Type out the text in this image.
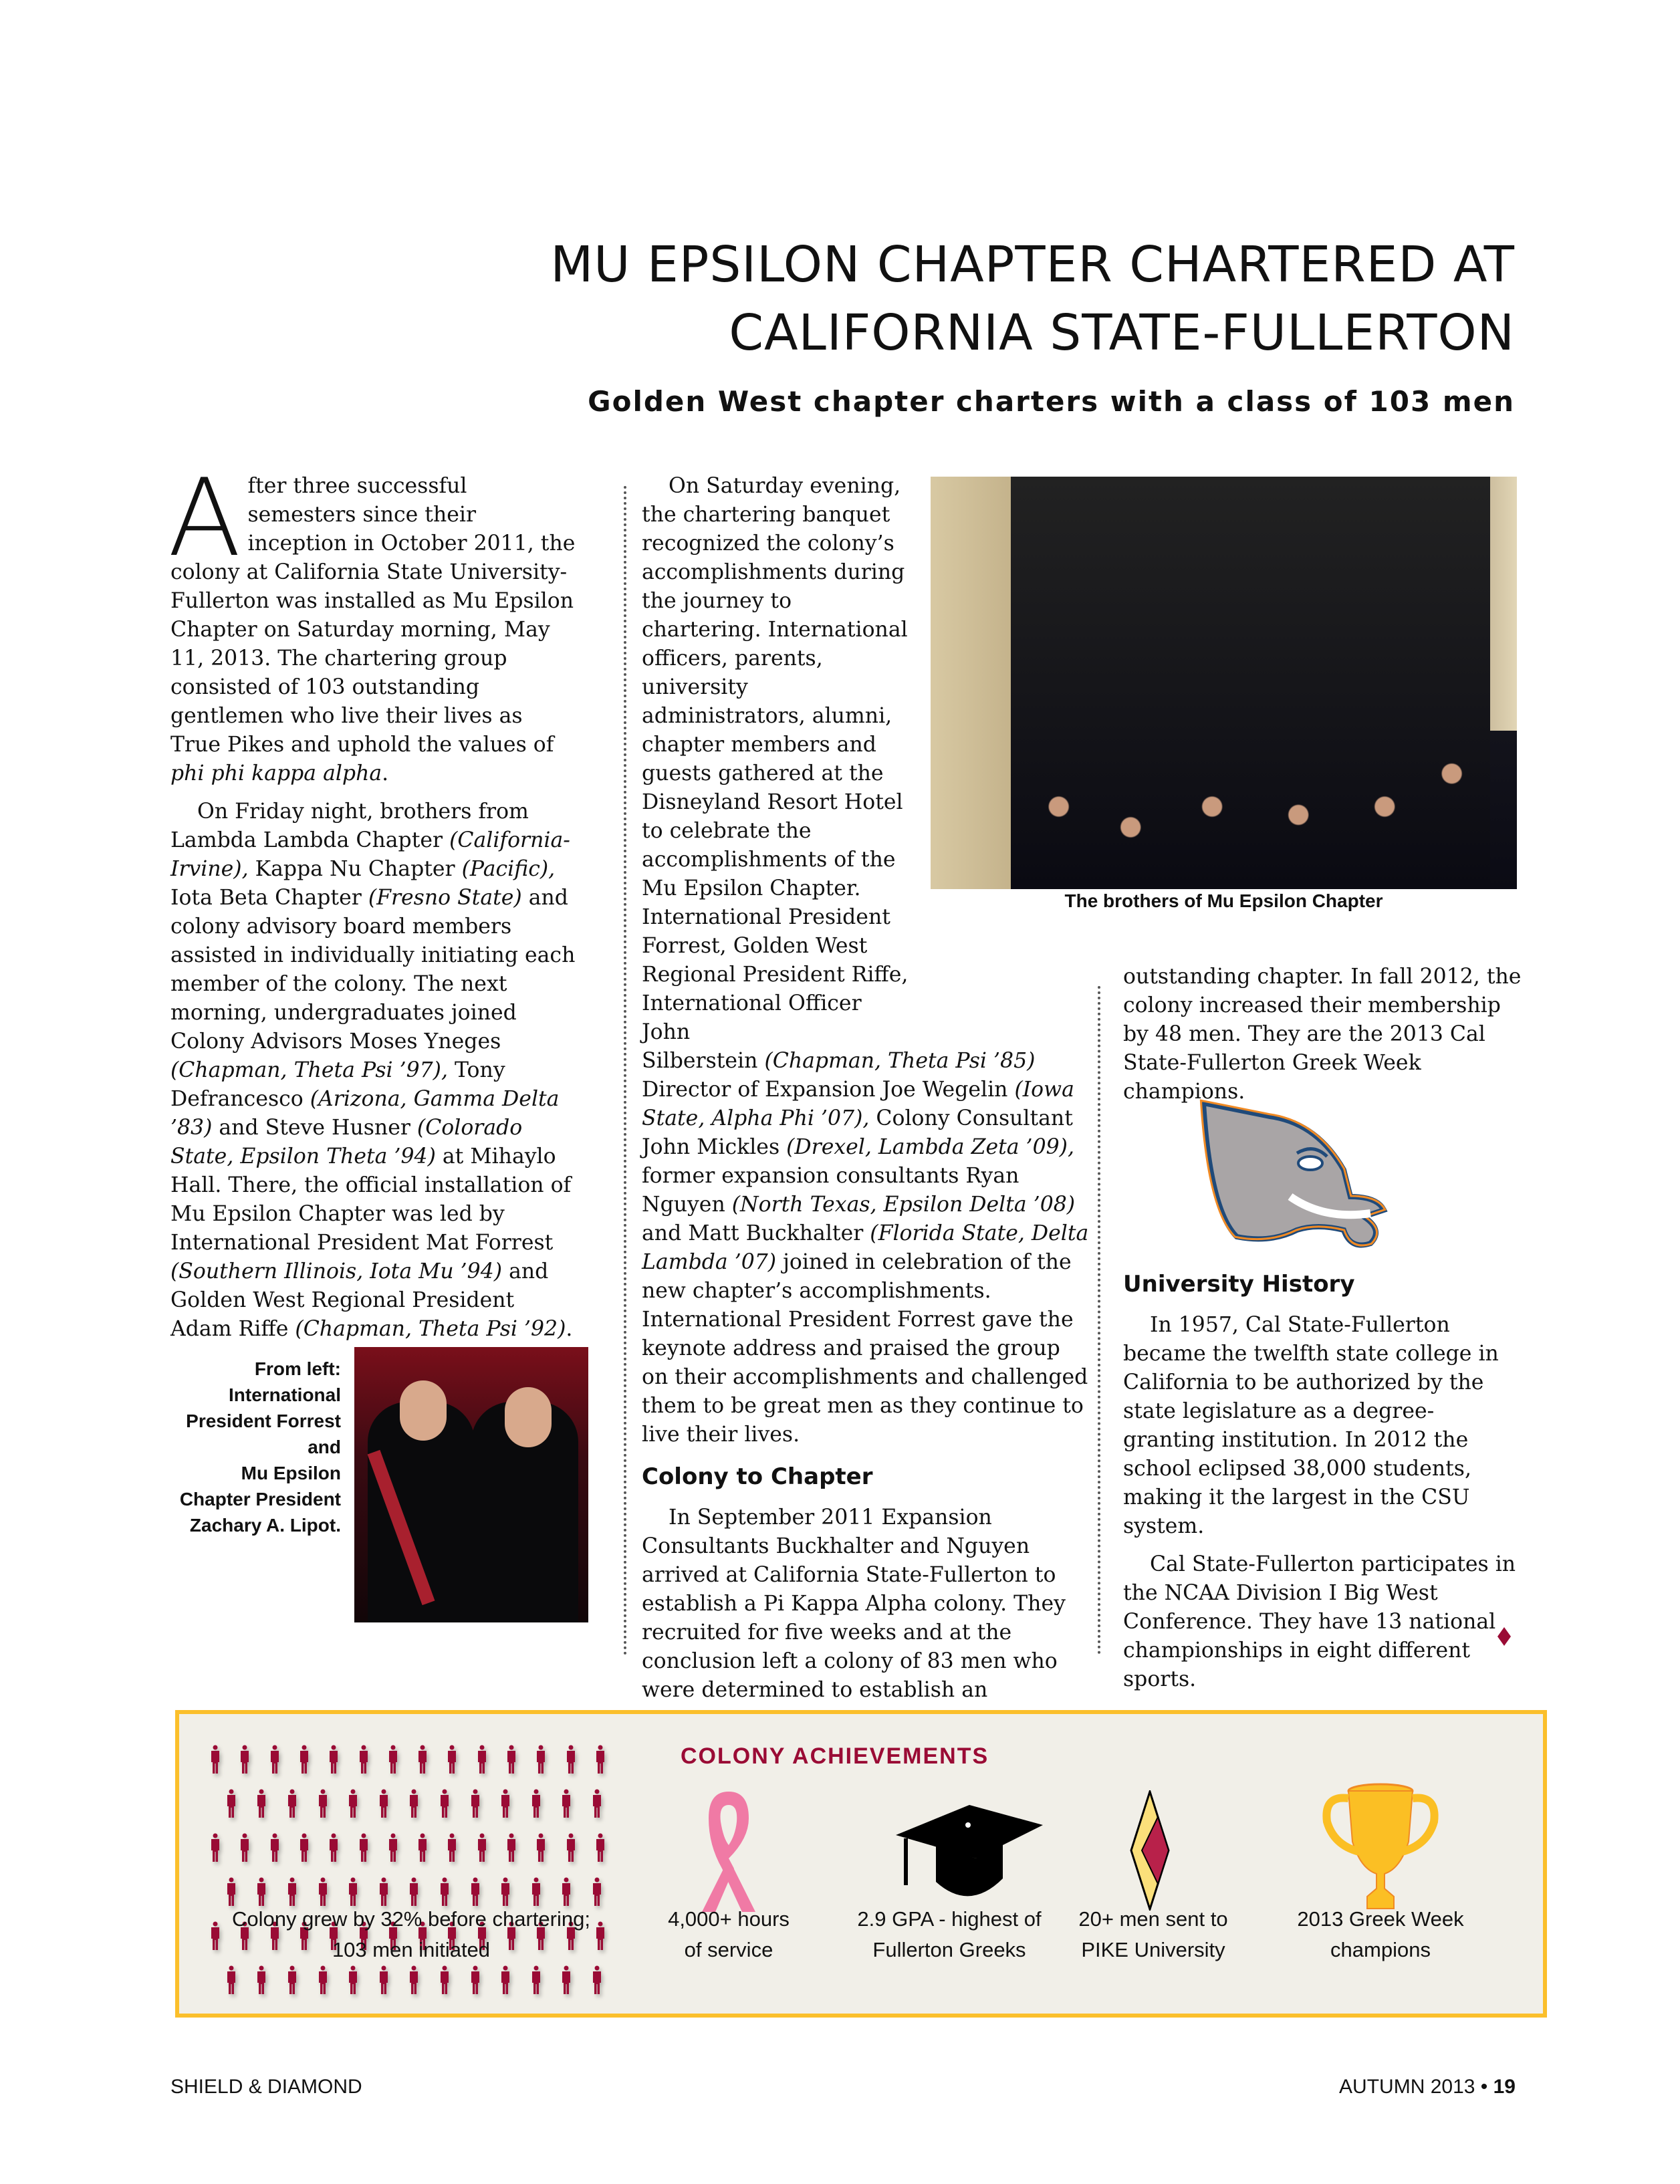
MU EPSILON CHAPTER CHARTERED AT
CALIFORNIA STATE-FULLERTON
Golden West chapter charters with a class of 103 men

After three successful semesters since their inception in October 2011, the colony at California State University-Fullerton was installed as Mu Epsilon Chapter on Saturday morning, May 11, 2013. The chartering group consisted of 103 outstanding gentlemen who live their lives as True Pikes and uphold the values of phi phi kappa alpha.

On Friday night, brothers from Lambda Lambda Chapter (California-Irvine), Kappa Nu Chapter (Pacific), Iota Beta Chapter (Fresno State) and colony advisory board members assisted in individually initiating each member of the colony. The next morning, undergraduates joined Colony Advisors Moses Yneges (Chapman, Theta Psi ’97), Tony Defrancesco (Arizona, Gamma Delta ’83) and Steve Husner (Colorado State, Epsilon Theta ’94) at Mihaylo Hall. There, the official installation of Mu Epsilon Chapter was led by International President Mat Forrest (Southern Illinois, Iota Mu ’94) and Golden West Regional President Adam Riffe (Chapman, Theta Psi ’92).

From left:
International
President Forrest
and
Mu Epsilon
Chapter President
Zachary A. Lipot.

On Saturday evening, the chartering banquet recognized the colony’s accomplishments during the journey to chartering. International officers, parents, university administrators, alumni, chapter members and guests gathered at the Disneyland Resort Hotel to celebrate the accomplishments of the Mu Epsilon Chapter. International President Forrest, Golden West Regional President Riffe, International Officer John

Silberstein (Chapman, Theta Psi ’85) Director of Expansion Joe Wegelin (Iowa State, Alpha Phi ’07), Colony Consultant John Mickles (Drexel, Lambda Zeta ’09), former expansion consultants Ryan Nguyen (North Texas, Epsilon Delta ’08) and Matt Buckhalter (Florida State, Delta Lambda ’07) joined in celebration of the new chapter’s accomplishments. International President Forrest gave the keynote address and praised the group on their accomplishments and challenged them to be great men as they continue to live their lives.

Colony to Chapter

In September 2011 Expansion Consultants Buckhalter and Nguyen arrived at California State-Fullerton to establish a Pi Kappa Alpha colony. They recruited for five weeks and at the conclusion left a colony of 83 men who were determined to establish an

The brothers of Mu Epsilon Chapter

outstanding chapter. In fall 2012, the colony increased their membership by 48 men. They are the 2013 Cal State-Fullerton Greek Week champions.

University History

In 1957, Cal State-Fullerton became the twelfth state college in California to be authorized by the state legislature as a degree-granting institution. In 2012 the school eclipsed 38,000 students, making it the largest in the CSU system.

Cal State-Fullerton participates in the NCAA Division I Big West Conference. They have 13 national championships in eight different sports.

COLONY ACHIEVEMENTS
Colony grew by 32% before chartering;
103 men initiated
4,000+ hours
of service
2.9 GPA - highest of
Fullerton Greeks
20+ men sent to
PIKE University
2013 Greek Week
champions
SHIELD & DIAMOND	AUTUMN 2013 • 19
